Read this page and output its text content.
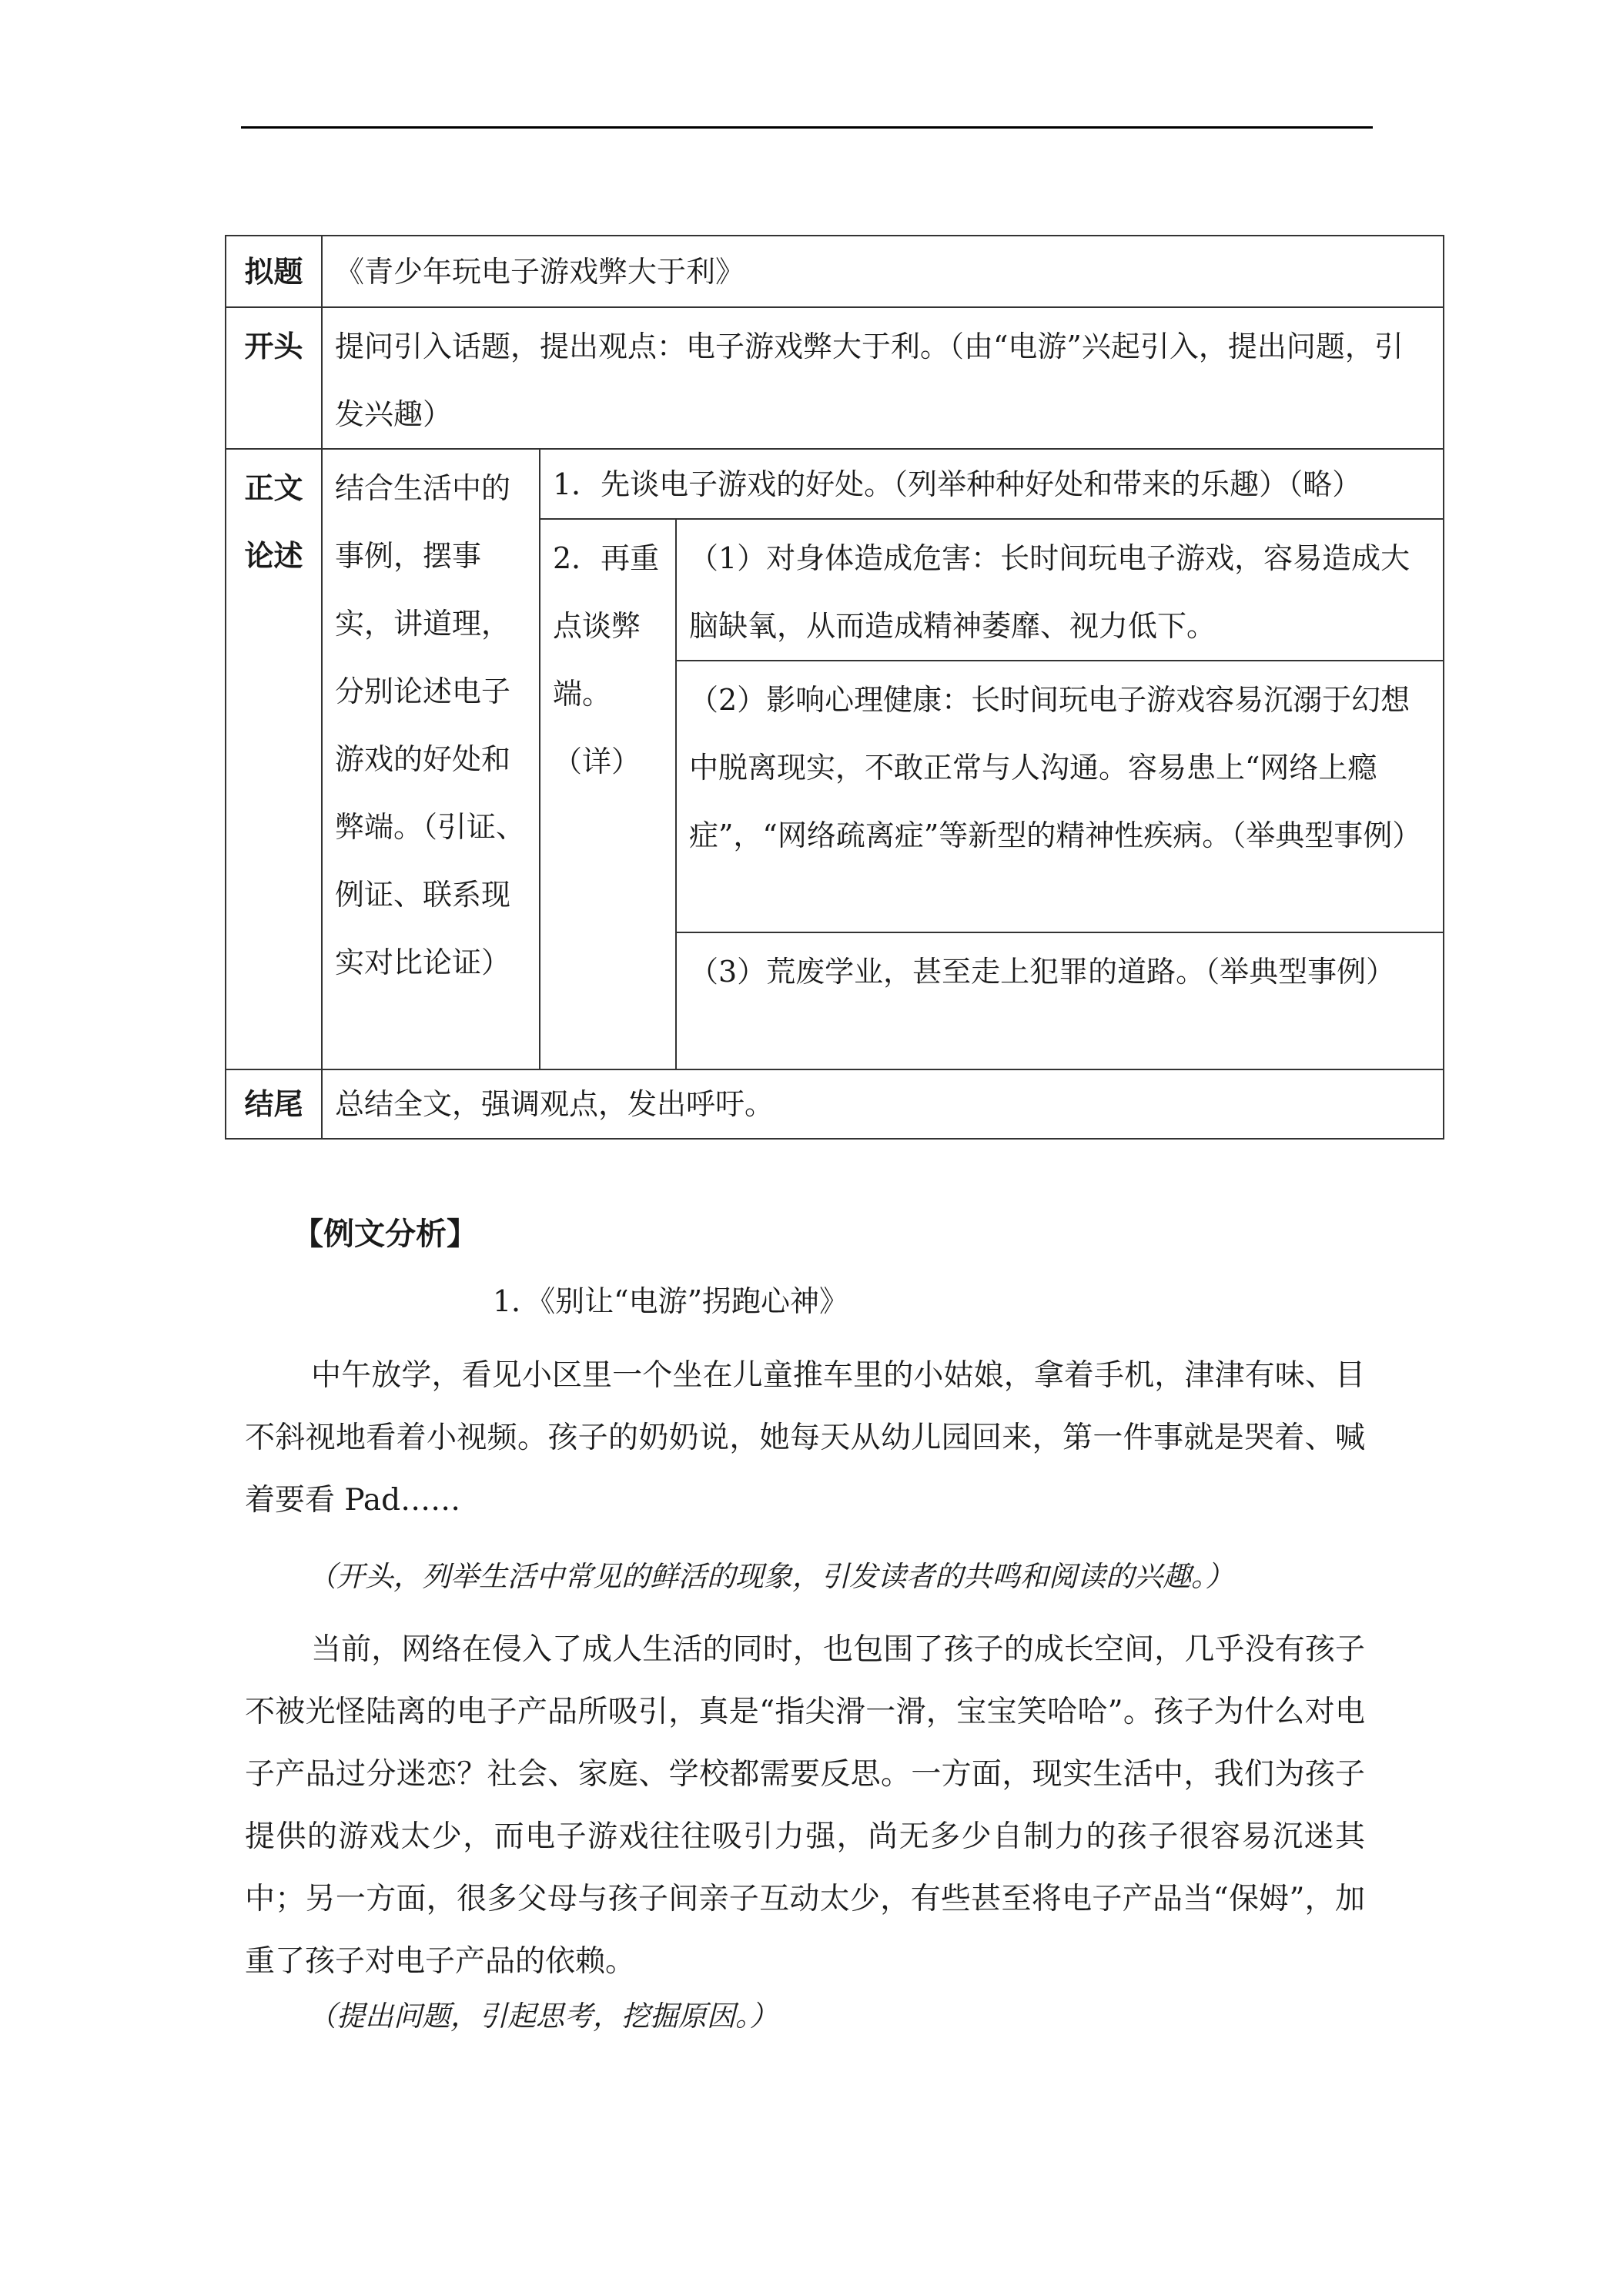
拟题	《青少年玩电子游戏弊大于利》		
开头	提问引入话题，提出观点：电子游戏弊大于利。（由“电游”兴起引入，提出问题，引发兴趣）		
正文
论述	结合生活中的事例，摆事实，讲道理，分别论述电子游戏的好处和弊端。（引证、例证、联系现实对比论证）	1．先谈电子游戏的好处。（列举种种好处和带来的乐趣）（略）	
		2．再重点谈弊端。（详）	（1）对身体造成危害：长时间玩电子游戏，容易造成大脑缺氧，从而造成精神萎靡、视力低下。
			（2）影响心理健康：长时间玩电子游戏容易沉溺于幻想中脱离现实，不敢正常与人沟通。容易患上“网络上瘾症”，“网络疏离症”等新型的精神性疾病。（举典型事例）
			（3）荒废学业，甚至走上犯罪的道路。（举典型事例）
结尾	总结全文，强调观点，发出呼吁。		
【例文分析】
1．《别让“电游”拐跑心神》
中午放学，看见小区里一个坐在儿童推车里的小姑娘，拿着手机，津津有味、目不斜视地看着小视频。孩子的奶奶说，她每天从幼儿园回来，第一件事就是哭着、喊着要看 Pad……
（开头，列举生活中常见的鲜活的现象，引发读者的共鸣和阅读的兴趣。）
当前，网络在侵入了成人生活的同时，也包围了孩子的成长空间，几乎没有孩子不被光怪陆离的电子产品所吸引，真是“指尖滑一滑，宝宝笑哈哈”。孩子为什么对电子产品过分迷恋？社会、家庭、学校都需要反思。一方面，现实生活中，我们为孩子提供的游戏太少，而电子游戏往往吸引力强，尚无多少自制力的孩子很容易沉迷其中；另一方面，很多父母与孩子间亲子互动太少，有些甚至将电子产品当“保姆”，加重了孩子对电子产品的依赖。
（提出问题，引起思考，挖掘原因。）
